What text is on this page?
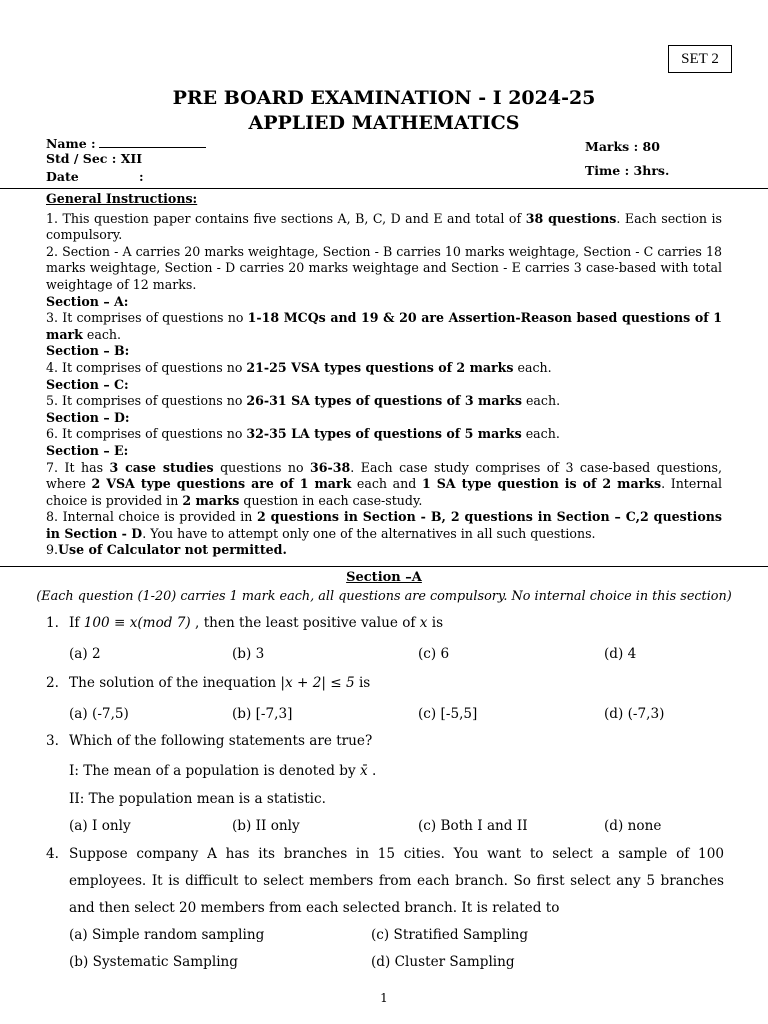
SET 2
PRE BOARD EXAMINATION - I 2024-25
APPLIED MATHEMATICS
Name :
Std / Sec : XII
Date	:
Marks : 80
Time : 3hrs.

General Instructions:

1. This question paper contains five sections A, B, C, D and E and total of 38 questions. Each section is compulsory.

2. Section - A carries 20 marks weightage, Section - B carries 10 marks weightage, Section - C carries 18 marks weightage, Section - D carries 20 marks weightage and Section - E carries 3 case-based with total weightage of 12 marks.

Section – A:

3. It comprises of questions no 1-18 MCQs and 19 & 20 are Assertion-Reason based questions of 1 mark each.

Section – B:

4. It comprises of questions no 21-25 VSA types questions of 2 marks each.

Section – C:

5. It comprises of questions no 26-31 SA types of questions of 3 marks each.

Section – D:

6. It comprises of questions no 32-35 LA types of questions of 5 marks each.

Section – E:

7. It has 3 case studies questions no 36-38. Each case study comprises of 3 case-based questions, where 2 VSA type questions are of 1 mark each and 1 SA type question is of 2 marks. Internal choice is provided in 2 marks question in each case-study.

8. Internal choice is provided in 2 questions in Section - B, 2 questions in Section – C,2 questions in Section - D. You have to attempt only one of the alternatives in all such questions.

9.Use of Calculator not permitted.

Section –A
(Each question (1-20) carries 1 mark each, all questions are compulsory. No internal choice in this section)
1. If 100 ≡ x(mod 7) , then the least positive value of x is
(a) 2	(b) 3	(c) 6	(d) 4
2. The solution of the inequation |x + 2| ≤ 5 is
(a) (-7,5)	(b) [-7,3]	(c) [-5,5]	(d) (-7,3)
3. Which of the following statements are true?
I: The mean of a population is denoted by x̄ .
II: The population mean is a statistic.
(a) I only	(b) II only	(c) Both I and II	(d) none
4. Suppose company A has its branches in 15 cities. You want to select a sample of 100 employees. It is difficult to select members from each branch. So first select any 5 branches and then select 20 members from each selected branch. It is related to
(a) Simple random sampling	(c) Stratified Sampling
(b) Systematic Sampling	(d) Cluster Sampling
1
